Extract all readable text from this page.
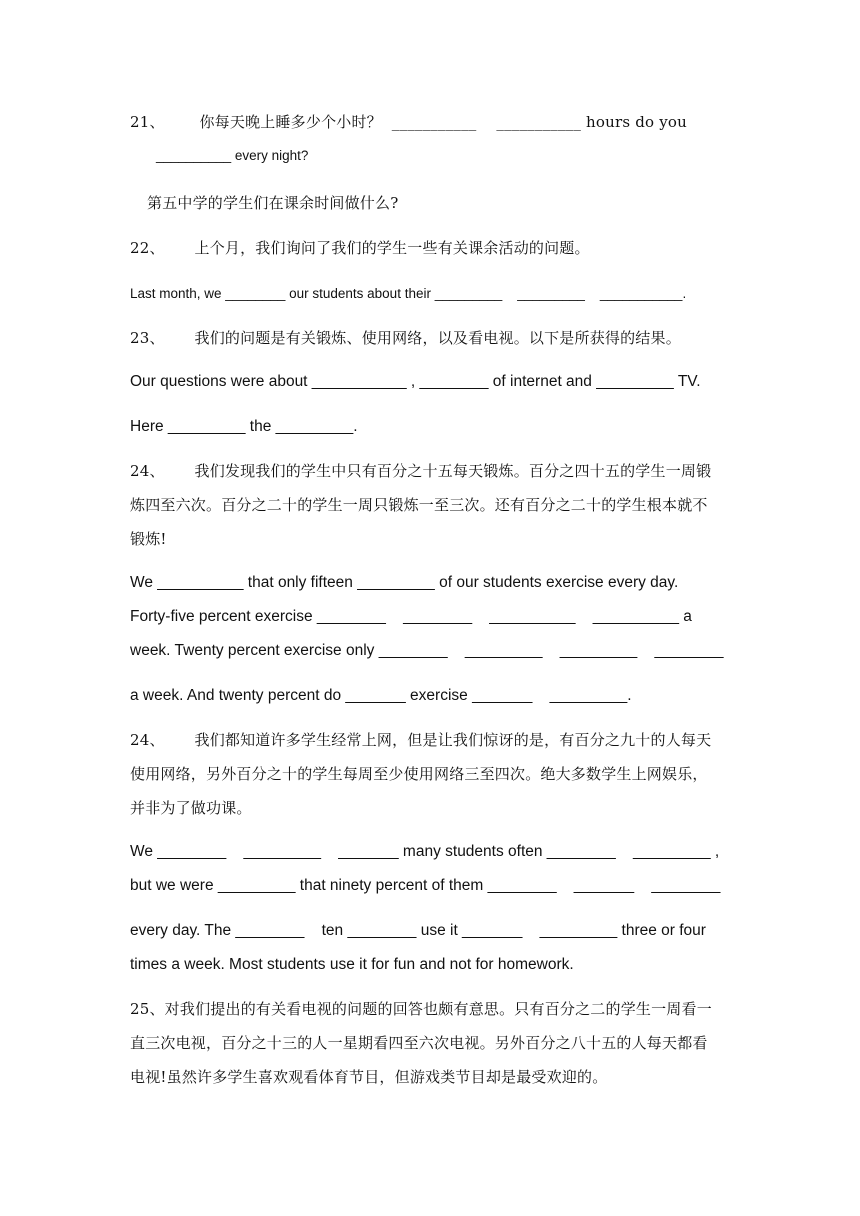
21、       你每天晚上睡多少个小时？  ___________    ___________ hours do you
__________ every night?
第五中学的学生们在课余时间做什么?
22、      上个月，我们询问了我们的学生一些有关课余活动的问题。
Last month, we ________ our students about their _________    _________    ___________.
23、      我们的问题是有关锻炼、使用网络，以及看电视。以下是所获得的结果。
Our questions were about ___________ , ________ of internet and _________ TV.
Here _________ the _________.
24、      我们发现我们的学生中只有百分之十五每天锻炼。百分之四十五的学生一周锻
炼四至六次。百分之二十的学生一周只锻炼一至三次。还有百分之二十的学生根本就不
锻炼!
We __________ that only fifteen _________ of our students exercise every day.
Forty-five percent exercise ________    ________    __________    __________ a
week. Twenty percent exercise only ________    _________    _________    ________
a week. And twenty percent do _______ exercise _______    _________.
24、      我们都知道许多学生经常上网，但是让我们惊讶的是，有百分之九十的人每天
使用网络，另外百分之十的学生每周至少使用网络三至四次。绝大多数学生上网娱乐，
并非为了做功课。
We ________    _________    _______ many students often ________    _________ ,
but we were _________ that ninety percent of them ________    _______    ________
every day. The ________    ten ________ use it _______    _________ three or four
times a week. Most students use it for fun and not for homework.
25、对我们提出的有关看电视的问题的回答也颇有意思。只有百分之二的学生一周看一
直三次电视，百分之十三的人一星期看四至六次电视。另外百分之八十五的人每天都看
电视!虽然许多学生喜欢观看体育节目，但游戏类节目却是最受欢迎的。
